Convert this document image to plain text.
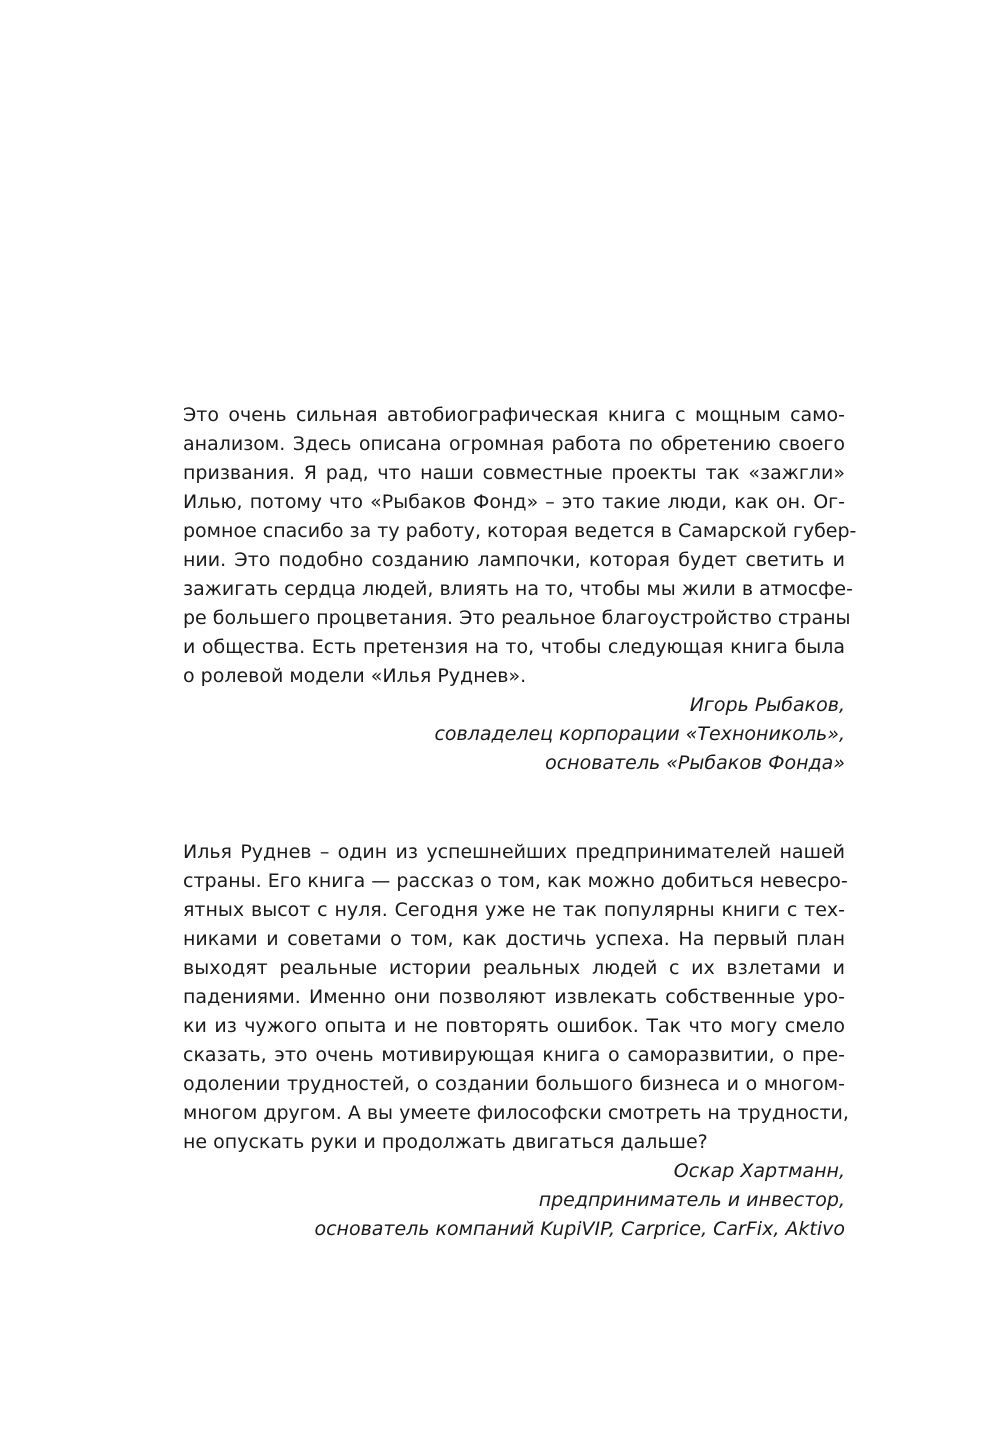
Это очень сильная автобиографическая книга с мощным само-
анализом. Здесь описана огромная работа по обретению своего
призвания. Я рад, что наши совместные проекты так «зажгли»
Илью, потому что «Рыбаков Фонд» – это такие люди, как он. Ог-
ромное спасибо за ту работу, которая ведется в Самарской губер-
нии. Это подобно созданию лампочки, которая будет светить и
зажигать сердца людей, влиять на то, чтобы мы жили в атмосфе-
ре большего процветания. Это реальное благоустройство страны
и общества. Есть претензия на то, чтобы следующая книга была
о ролевой модели «Илья Руднев».
Игорь Рыбаков,
совладелец корпорации «Технониколь»,
основатель «Рыбаков Фонда»
Илья Руднев – один из успешнейших предпринимателей нашей
страны. Его книга — рассказ о том, как можно добиться невеcро-
ятных высот с нуля. Сегодня уже не так популярны книги с тех-
никами и советами о том, как достичь успеха. На первый план
выходят реальные истории реальных людей с их взлетами и
падениями. Именно они позволяют извлекать собственные уро-
ки из чужого опыта и не повторять ошибок. Так что могу смело
сказать, это очень мотивирующая книга о саморазвитии, о пре-
одолении трудностей, о создании большого бизнеса и о многом-
многом другом. А вы умеете философски смотреть на трудности,
не опускать руки и продолжать двигаться дальше?
Оскар Хартманн,
предприниматель и инвестор,
основатель компаний KupiVIP, Carprice, CarFix, Aktivo
